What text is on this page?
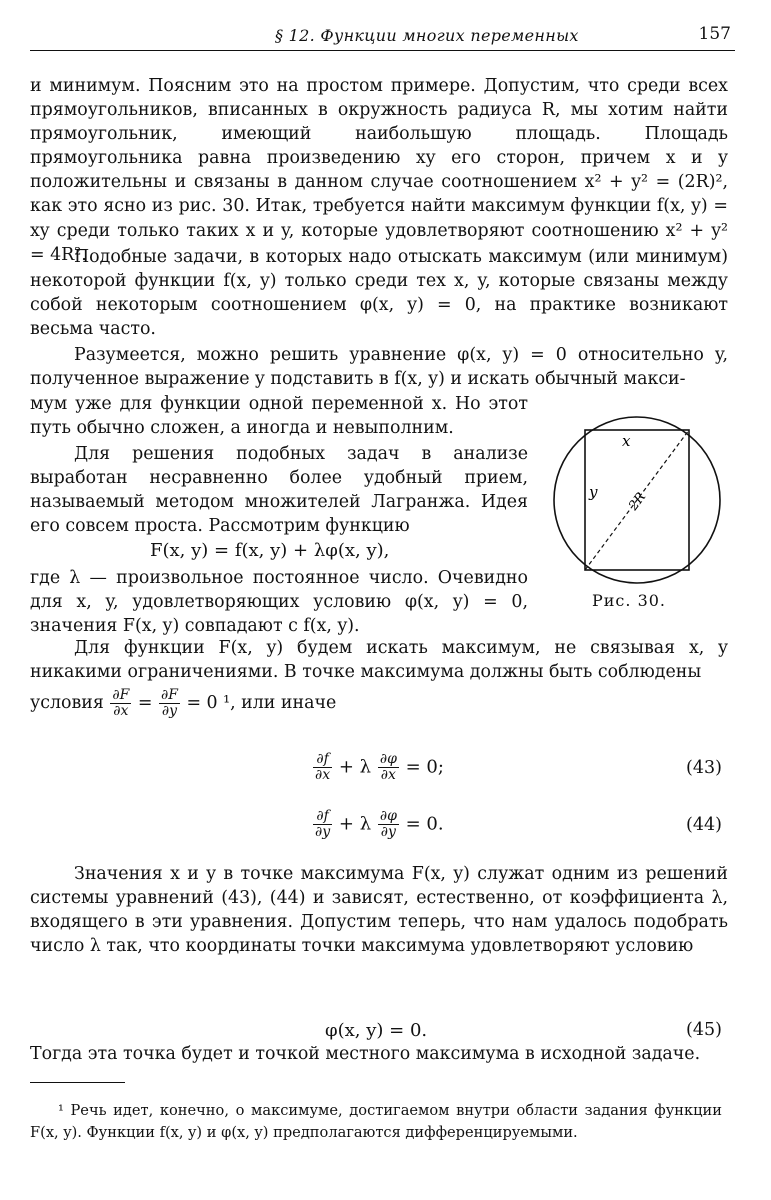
§ 12. Функции многих переменных	157

и минимум. Поясним это на простом примере. Допустим, что среди всех прямоугольников, вписанных в окружность радиуса R, мы хотим найти прямоугольник, имеющий наибольшую площадь. Площадь прямоугольника равна произведению xy его сторон, причем x и y положительны и связаны в данном случае соотношением x² + y² = (2R)², как это ясно из рис. 30. Итак, требуется найти максимум функции f(x, y) = xy среди только таких x и y, которые удовлетворяют соотношению x² + y² = 4R².

Подобные задачи, в которых надо отыскать максимум (или минимум) некоторой функции f(x, y) только среди тех x, y, которые связаны между собой некоторым соотношением φ(x, y) = 0, на практике возникают весьма часто.

Разумеется, можно решить уравнение φ(x, y) = 0 относительно y, полученное выражение y подставить в f(x, y) и искать обычный макси-

мум уже для функции одной переменной x. Но этот путь обычно сложен, а иногда и невыполним.

Для решения подобных задач в анализе выработан несравненно более удобный прием, называемый методом множителей Лагранжа. Идея его совсем проста. Рассмотрим функцию

F(x, y) = f(x, y) + λφ(x, y),

где λ — произвольное постоянное число. Очевидно для x, y, удовлетворяющих условию φ(x, y) = 0, значения F(x, y) совпадают с f(x, y).

x
y 2R
Рис. 30.

Для функции F(x, y) будем искать максимум, не связывая x, y никакими ограничениями. В точке максимума должны быть соблюдены

условия $\frac{\partial F}{\partial x} = \frac{\partial F}{\partial y} = 0$ ¹, или иначе
$\frac{\partial f}{\partial x} + \lambda \frac{\partial\varphi}{\partial x} = 0$;	(43)
$\frac{\partial f}{\partial y} + \lambda \frac{\partial\varphi}{\partial y} = 0$.	(44)

Значения x и y в точке максимума F(x, y) служат одним из решений системы уравнений (43), (44) и зависят, естественно, от коэффициента λ, входящего в эти уравнения. Допустим теперь, что нам удалось подобрать число λ так, что координаты точки максимума удовлетворяют условию

φ(x, y) = 0.	(45)

Тогда эта точка будет и точкой местного максимума в исходной задаче.

¹ Речь идет, конечно, о максимуме, достигаемом внутри области задания функции F(x, y). Функции f(x, y) и φ(x, y) предполагаются дифференцируемыми.
